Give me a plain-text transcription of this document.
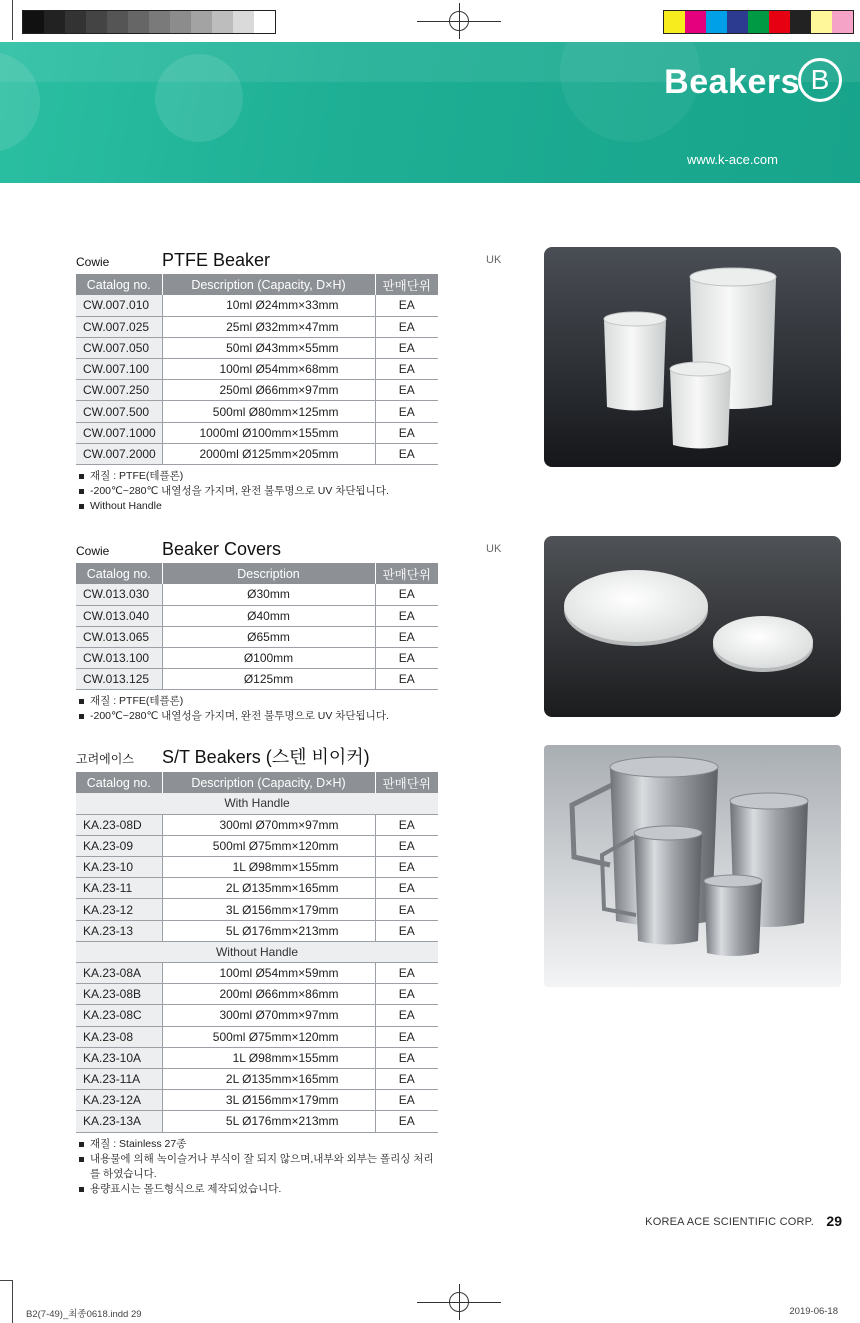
Beakers B
www.k-ace.com
Cowie	PTFE Beaker	UK
Catalog no.	Description (Capacity, D×H)	판매단위
CW.007.010	10ml Ø24mm×33mm	EA
CW.007.025	25ml Ø32mm×47mm	EA
CW.007.050	50ml Ø43mm×55mm	EA
CW.007.100	100ml Ø54mm×68mm	EA
CW.007.250	250ml Ø66mm×97mm	EA
CW.007.500	500ml Ø80mm×125mm	EA
CW.007.1000	1000ml Ø100mm×155mm	EA
CW.007.2000	2000ml Ø125mm×205mm	EA
재질 : PTFE(테플론)
-200℃~280℃ 내열성을 가지며, 완전 불투명으로 UV 차단됩니다.
Without Handle
Cowie	Beaker Covers	UK
Catalog no.	Description	판매단위
CW.013.030	Ø30mm	EA
CW.013.040	Ø40mm	EA
CW.013.065	Ø65mm	EA
CW.013.100	Ø100mm	EA
CW.013.125	Ø125mm	EA
재질 : PTFE(테플론)
-200℃~280℃ 내열성을 가지며, 완전 불투명으로 UV 차단됩니다.
고려에이스 S/T Beakers (스텐 비이커)
Catalog no.	Description (Capacity, D×H)	판매단위
With Handle		
KA.23-08D	300ml Ø70mm×97mm	EA
KA.23-09	500ml Ø75mm×120mm	EA
KA.23-10	1L Ø98mm×155mm	EA
KA.23-11	2L Ø135mm×165mm	EA
KA.23-12	3L Ø156mm×179mm	EA
KA.23-13	5L Ø176mm×213mm	EA
Without Handle		
KA.23-08A	100ml Ø54mm×59mm	EA
KA.23-08B	200ml Ø66mm×86mm	EA
KA.23-08C	300ml Ø70mm×97mm	EA
KA.23-08	500ml Ø75mm×120mm	EA
KA.23-10A	1L Ø98mm×155mm	EA
KA.23-11A	2L Ø135mm×165mm	EA
KA.23-12A	3L Ø156mm×179mm	EA
KA.23-13A	5L Ø176mm×213mm	EA
재질 : Stainless 27종
내용물에 의해 녹이슬거나 부식이 잘 되지 않으며,내부와 외부는 폴리싱 처리를 하였습니다.
용량표시는 몰드형식으로 제작되었습니다.
KOREA ACE SCIENTIFIC CORP. 29
B2(7-49)_최종0618.indd 29	2019-06-18
